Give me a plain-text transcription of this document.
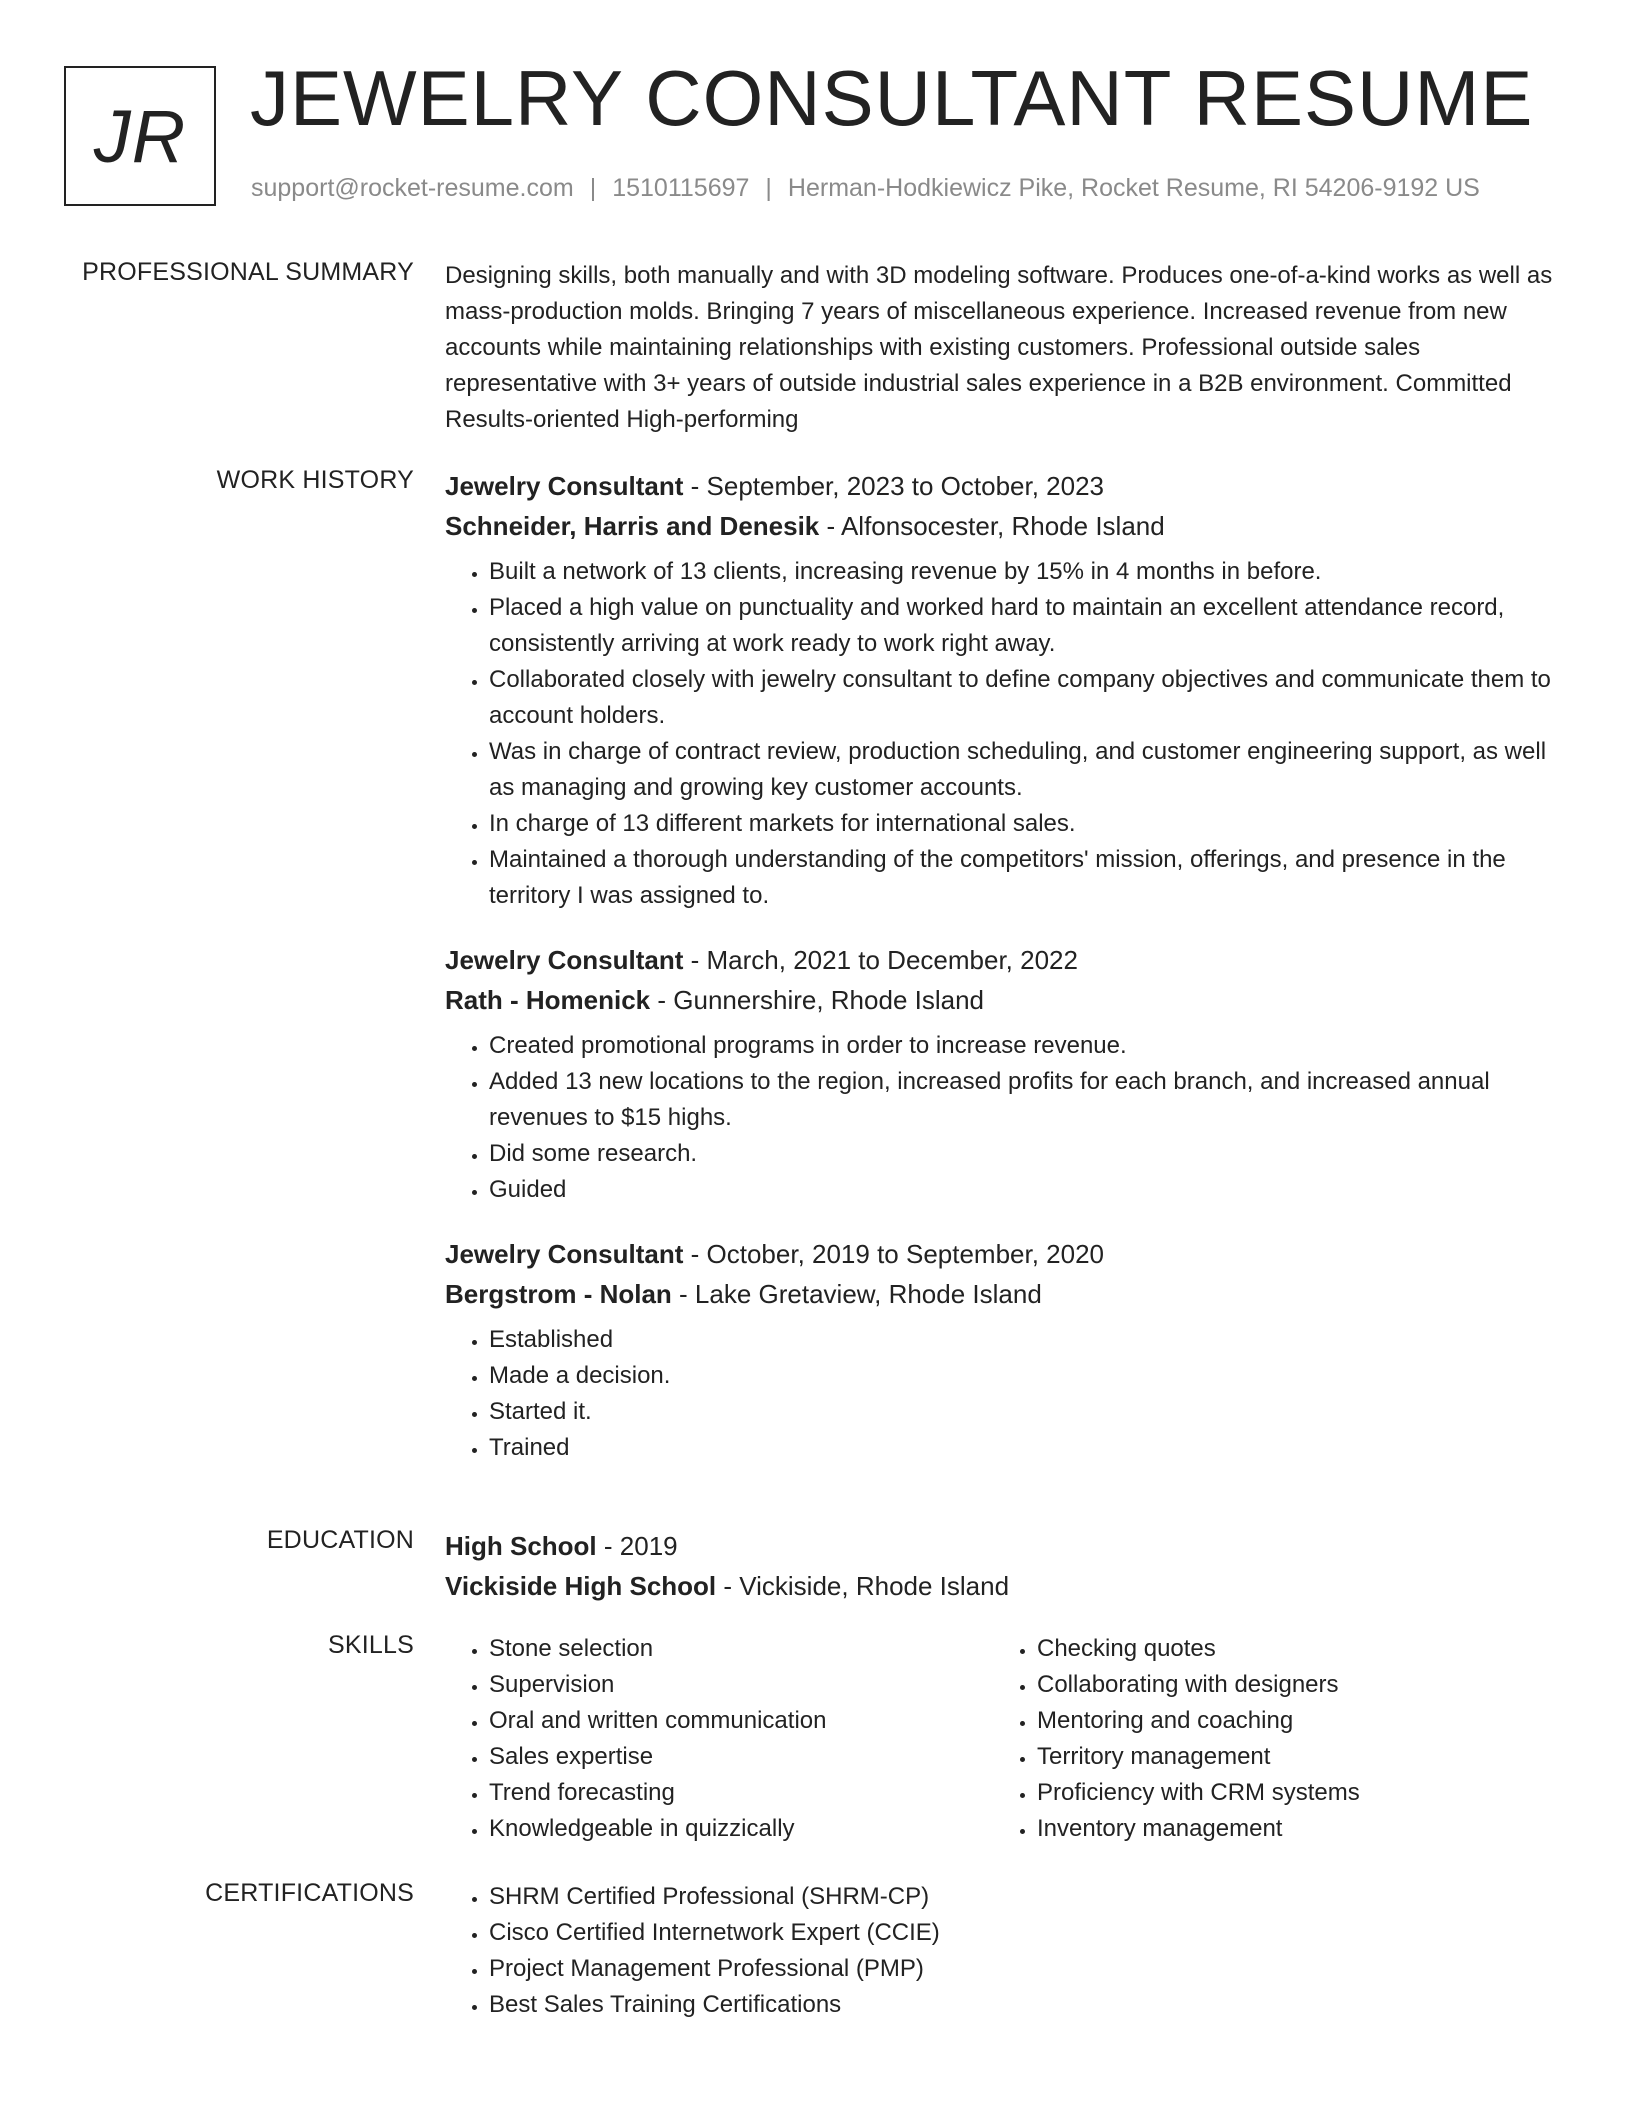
JR JEWELRY CONSULTANT RESUME
support@rocket-resume.com | 1510115697 | Herman-Hodkiewicz Pike, Rocket Resume, RI 54206-9192 US
PROFESSIONAL SUMMARY Designing skills, both manually and with 3D modeling software. Produces one-of-a-kind works as well as mass-production molds. Bringing 7 years of miscellaneous experience. Increased revenue from new accounts while maintaining relationships with existing customers. Professional outside sales representative with 3+ years of outside industrial sales experience in a B2B environment. Committed Results-oriented High-performing

WORK HISTORY Jewelry Consultant - September, 2023 to October, 2023
Schneider, Harris and Denesik - Alfonsocester, Rhode Island
• Built a network of 13 clients, increasing revenue by 15% in 4 months in before.
• Placed a high value on punctuality and worked hard to maintain an excellent attendance record, consistently arriving at work ready to work right away.
• Collaborated closely with jewelry consultant to define company objectives and communicate them to account holders.
• Was in charge of contract review, production scheduling, and customer engineering support, as well as managing and growing key customer accounts.
• In charge of 13 different markets for international sales.
• Maintained a thorough understanding of the competitors' mission, offerings, and presence in the territory I was assigned to.
Jewelry Consultant - March, 2021 to December, 2022
Rath - Homenick - Gunnershire, Rhode Island
• Created promotional programs in order to increase revenue.
• Added 13 new locations to the region, increased profits for each branch, and increased annual revenues to $15 highs.
• Did some research.
• Guided
Jewelry Consultant - October, 2019 to September, 2020
Bergstrom - Nolan - Lake Gretaview, Rhode Island
• Established
• Made a decision.
• Started it.
• Trained
EDUCATION High School - 2019
Vickiside High School - Vickiside, Rhode Island
SKILLS	• Stone selection
• Supervision
• Oral and written communication
• Sales expertise
• Trend forecasting
• Knowledgeable in quizzically
• Checking quotes
• Collaborating with designers
• Mentoring and coaching
• Territory management
• Proficiency with CRM systems
• Inventory management
CERTIFICATIONS	• SHRM Certified Professional (SHRM-CP)
• Cisco Certified Internetwork Expert (CCIE)
• Project Management Professional (PMP)
• Best Sales Training Certifications
